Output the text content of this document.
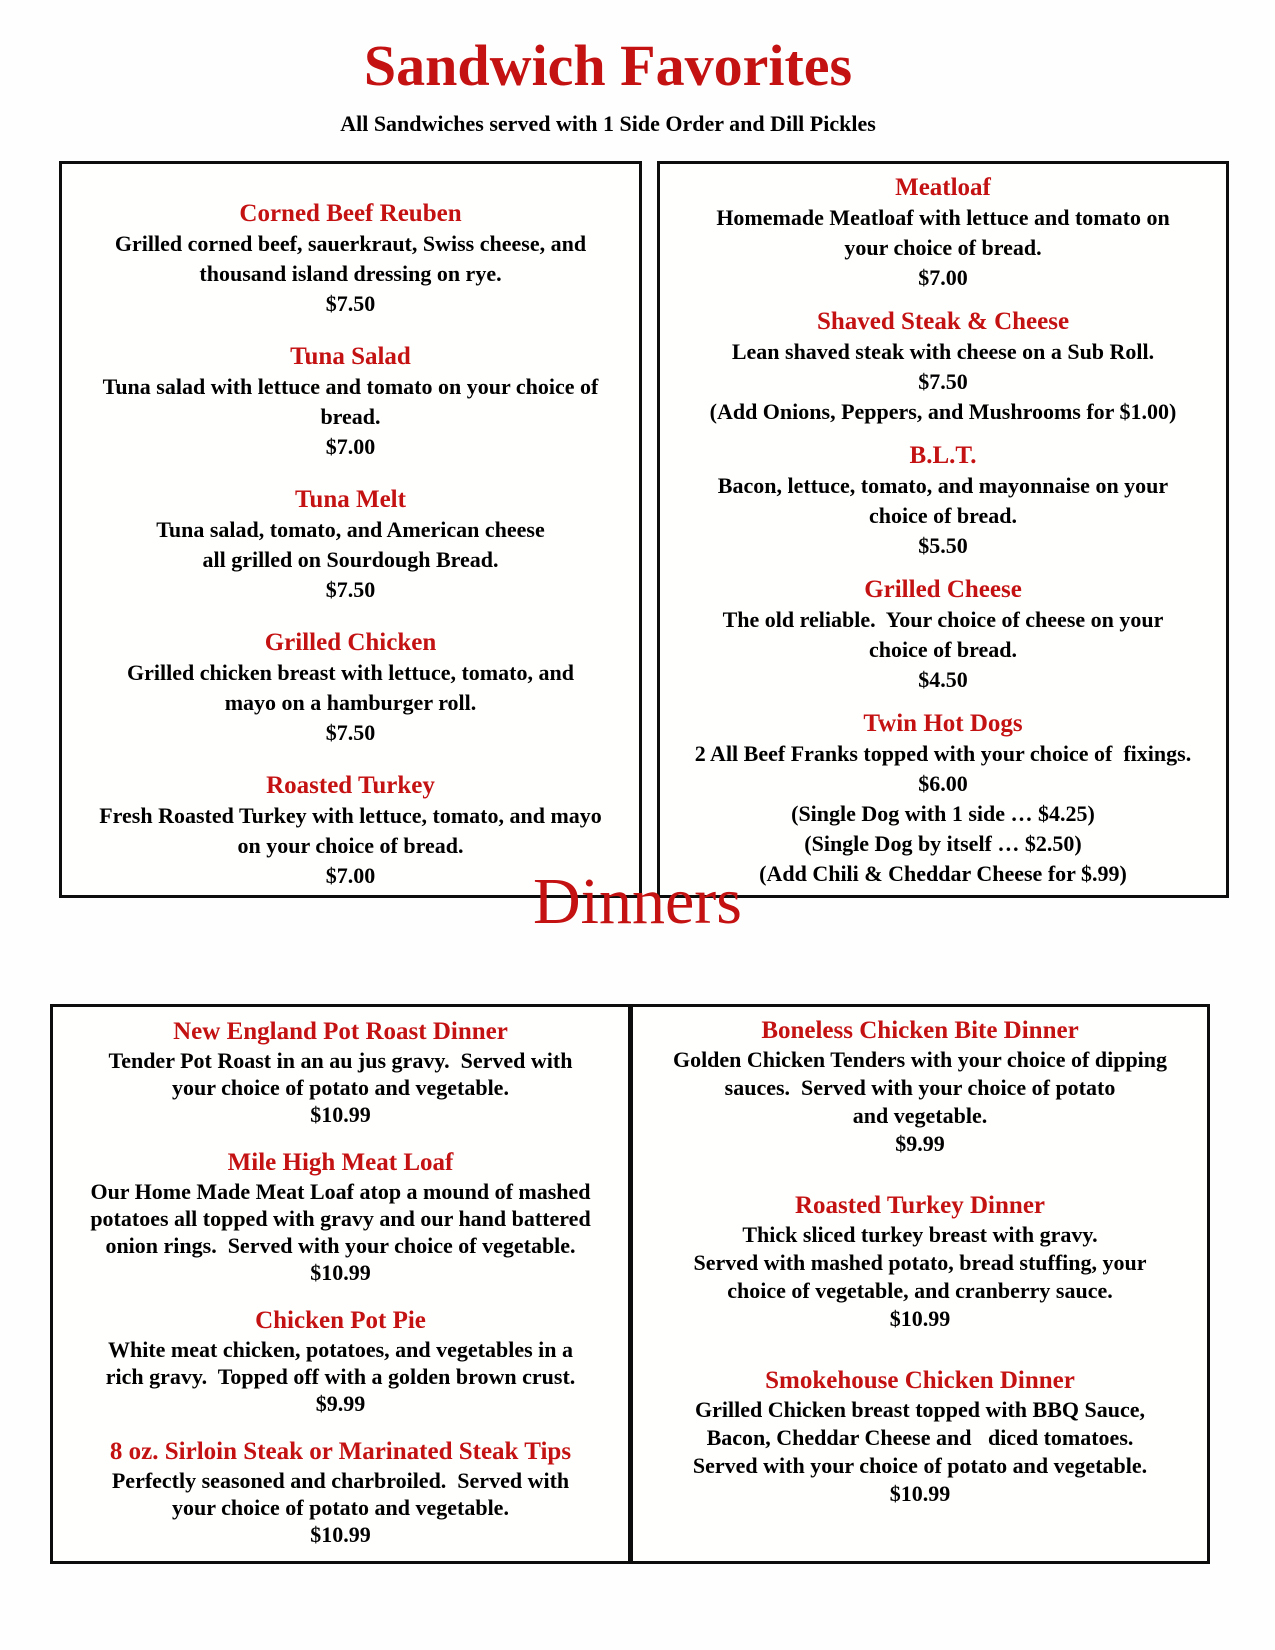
Sandwich Favorites
All Sandwiches served with 1 Side Order and Dill Pickles
Corned Beef Reuben
Grilled corned beef, sauerkraut, Swiss cheese, and
thousand island dressing on rye.
$7.50
Tuna Salad
Tuna salad with lettuce and tomato on your choice of
bread.
$7.00
Tuna Melt
Tuna salad, tomato, and American cheese
all grilled on Sourdough Bread.
$7.50
Grilled Chicken
Grilled chicken breast with lettuce, tomato, and
mayo on a hamburger roll.
$7.50
Roasted Turkey
Fresh Roasted Turkey with lettuce, tomato, and mayo
on your choice of bread.
$7.00
Meatloaf
Homemade Meatloaf with lettuce and tomato on
your choice of bread.
$7.00
Shaved Steak & Cheese
Lean shaved steak with cheese on a Sub Roll.
$7.50
(Add Onions, Peppers, and Mushrooms for $1.00)
B.L.T.
Bacon, lettuce, tomato, and mayonnaise on your
choice of bread.
$5.50
Grilled Cheese
The old reliable.  Your choice of cheese on your
choice of bread.
$4.50
Twin Hot Dogs
2 All Beef Franks topped with your choice of  fixings.
$6.00
(Single Dog with 1 side … $4.25)
(Single Dog by itself … $2.50)
(Add Chili & Cheddar Cheese for $.99)
Dinners
New England Pot Roast Dinner
Tender Pot Roast in an au jus gravy.  Served with
your choice of potato and vegetable.
$10.99
Mile High Meat Loaf
Our Home Made Meat Loaf atop a mound of mashed
potatoes all topped with gravy and our hand battered
onion rings.  Served with your choice of vegetable.
$10.99
Chicken Pot Pie
White meat chicken, potatoes, and vegetables in a
rich gravy.  Topped off with a golden brown crust.
$9.99
8 oz. Sirloin Steak or Marinated Steak Tips
Perfectly seasoned and charbroiled.  Served with
your choice of potato and vegetable.
$10.99
Boneless Chicken Bite Dinner
Golden Chicken Tenders with your choice of dipping
sauces.  Served with your choice of potato
and vegetable.
$9.99
Roasted Turkey Dinner
Thick sliced turkey breast with gravy.
Served with mashed potato, bread stuffing, your
choice of vegetable, and cranberry sauce.
$10.99
Smokehouse Chicken Dinner
Grilled Chicken breast topped with BBQ Sauce,
Bacon, Cheddar Cheese and   diced tomatoes.
Served with your choice of potato and vegetable.
$10.99
